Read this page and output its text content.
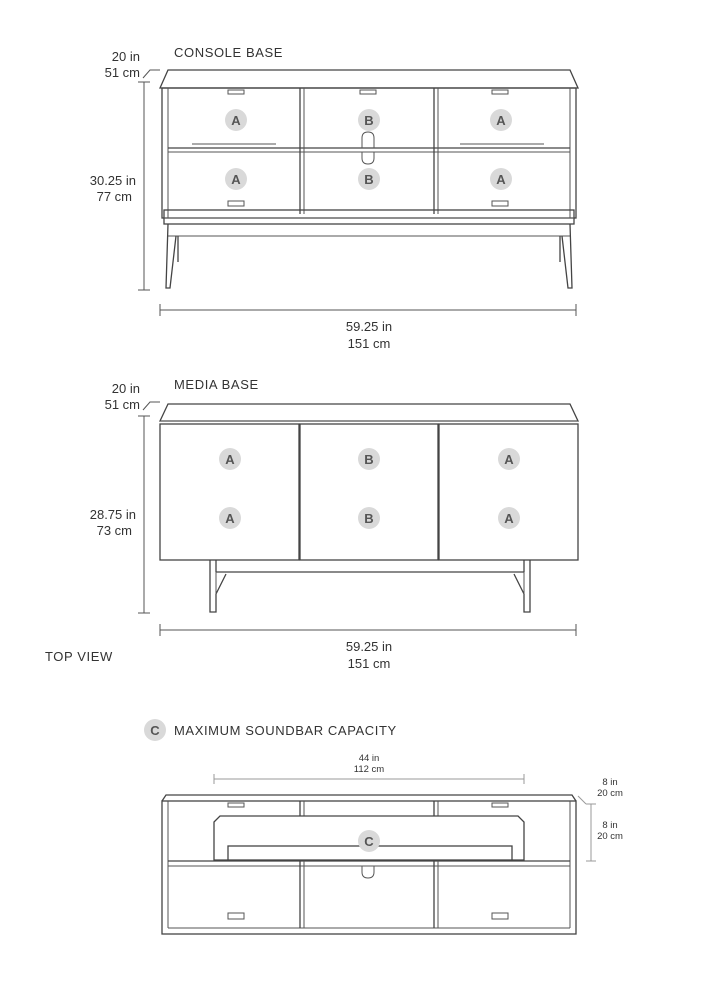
CONSOLE BASE
20 in
51 cm
A	B	A
A	B	A
30.25 in
77 cm
59.25 in
151 cm
MEDIA BASE
20 in
51 cm
A	B	A
A	B	A
28.75 in
73 cm
59.25 in
151 cm
TOP VIEW
C MAXIMUM SOUNDBAR CAPACITY
44 in
112 cm
C
8 in
20 cm
8 in
20 cm
